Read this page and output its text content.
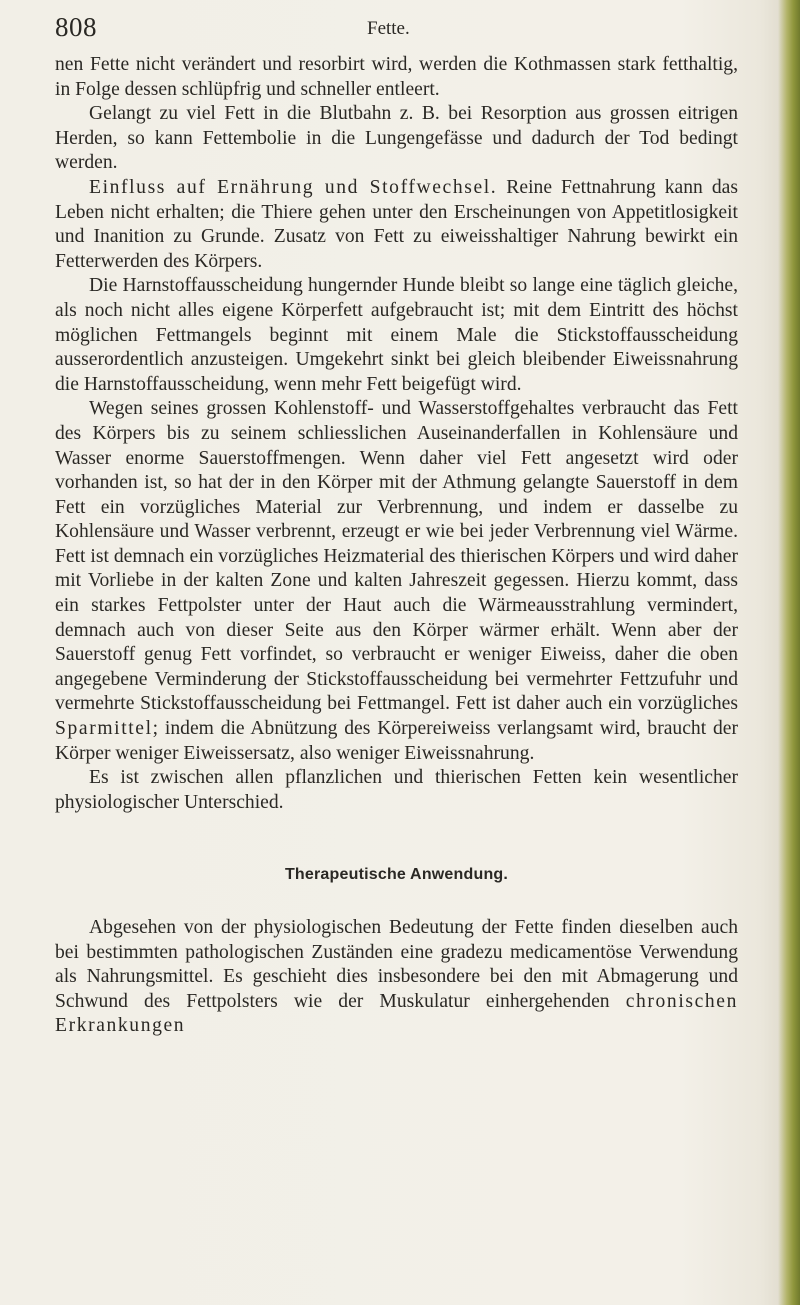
808	Fette.

nen Fette nicht verändert und resorbirt wird, werden die Kothmassen stark fetthaltig, in Folge dessen schlüpfrig und schneller entleert.

Gelangt zu viel Fett in die Blutbahn z. B. bei Resorption aus grossen eitrigen Herden, so kann Fettembolie in die Lungengefässe und dadurch der Tod bedingt werden.

Einfluss auf Ernährung und Stoffwechsel. Reine Fettnahrung kann das Leben nicht erhalten; die Thiere gehen unter den Erscheinungen von Appetitlosigkeit und Inanition zu Grunde. Zusatz von Fett zu eiweisshaltiger Nahrung bewirkt ein Fetterwerden des Körpers.

Die Harnstoffausscheidung hungernder Hunde bleibt so lange eine täglich gleiche, als noch nicht alles eigene Körperfett aufgebraucht ist; mit dem Eintritt des höchst möglichen Fettmangels beginnt mit einem Male die Stickstoffausscheidung ausserordentlich anzusteigen. Umgekehrt sinkt bei gleich bleibender Eiweissnahrung die Harnstoffausscheidung, wenn mehr Fett beigefügt wird.

Wegen seines grossen Kohlenstoff- und Wasserstoffgehaltes verbraucht das Fett des Körpers bis zu seinem schliesslichen Auseinanderfallen in Kohlensäure und Wasser enorme Sauerstoffmengen. Wenn daher viel Fett angesetzt wird oder vorhanden ist, so hat der in den Körper mit der Athmung gelangte Sauerstoff in dem Fett ein vorzügliches Material zur Verbrennung, und indem er dasselbe zu Kohlensäure und Wasser verbrennt, erzeugt er wie bei jeder Verbrennung viel Wärme. Fett ist demnach ein vorzügliches Heizmaterial des thierischen Körpers und wird daher mit Vorliebe in der kalten Zone und kalten Jahreszeit gegessen. Hierzu kommt, dass ein starkes Fettpolster unter der Haut auch die Wärmeausstrahlung vermindert, demnach auch von dieser Seite aus den Körper wärmer erhält. Wenn aber der Sauerstoff genug Fett vorfindet, so verbraucht er weniger Eiweiss, daher die oben angegebene Verminderung der Stickstoffausscheidung bei vermehrter Fettzufuhr und vermehrte Stickstoffausscheidung bei Fettmangel. Fett ist daher auch ein vorzügliches Sparmittel; indem die Abnützung des Körpereiweiss verlangsamt wird, braucht der Körper weniger Eiweissersatz, also weniger Eiweissnahrung.

Es ist zwischen allen pflanzlichen und thierischen Fetten kein wesentlicher physiologischer Unterschied.

Therapeutische Anwendung.

Abgesehen von der physiologischen Bedeutung der Fette finden dieselben auch bei bestimmten pathologischen Zuständen eine gradezu medicamentöse Verwendung als Nahrungsmittel. Es geschieht dies insbesondere bei den mit Abmagerung und Schwund des Fettpolsters wie der Muskulatur einhergehenden chronischen Erkrankungen
